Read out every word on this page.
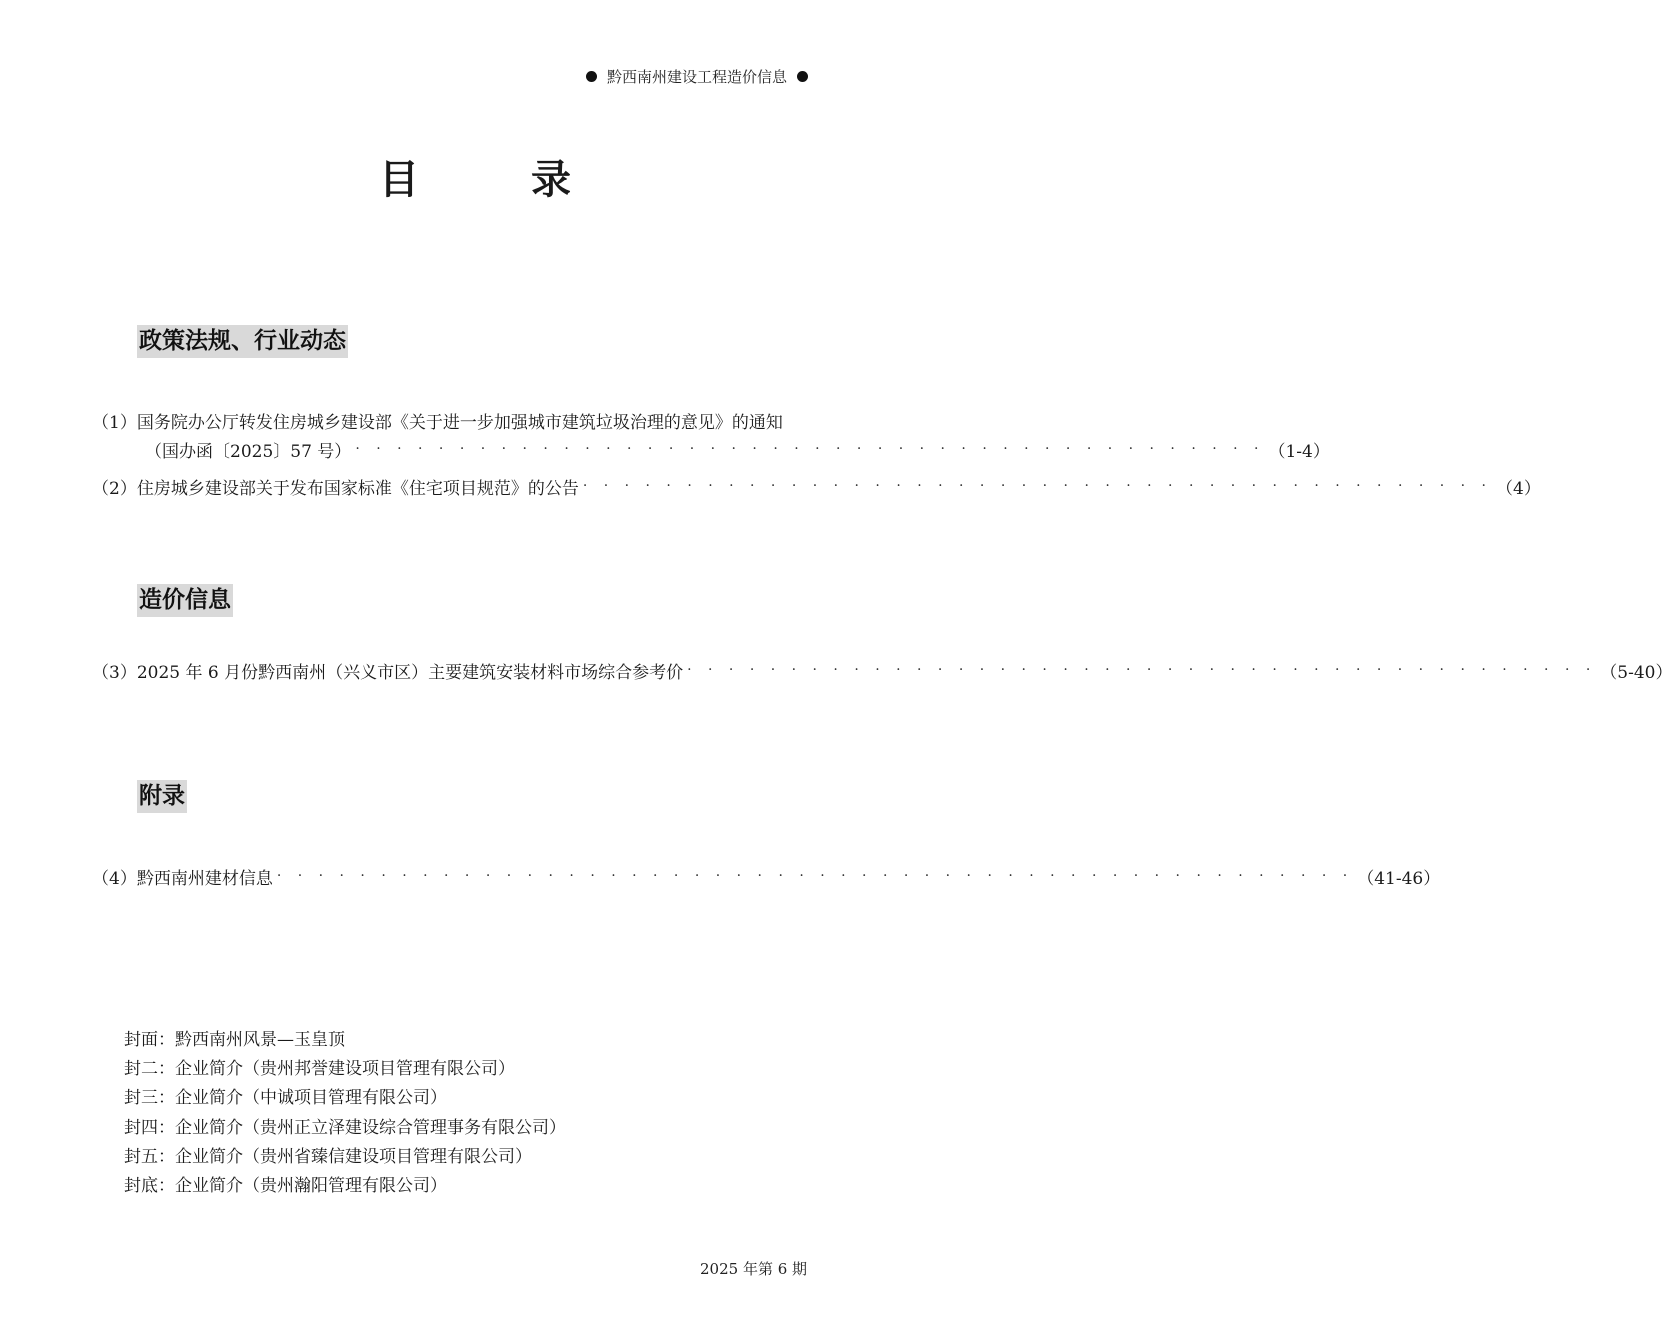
黔西南州建设工程造价信息
目　录
政策法规、行业动态
（1） 国务院办公厅转发住房城乡建设部《关于进一步加强城市建筑垃圾治理的意见》的通知
（国办函〔2025〕57 号） · · · · · · · · · · · · · · · · · · · · · · · · · · · · · · · · · · · · · · · · · · · · （1-4）
（2） 住房城乡建设部关于发布国家标准《住宅项目规范》的公告 · · · · · · · · · · · · · · · · · · · · · · · · · · · · · · · · · · · · · · · · · · · · （4）
造价信息
（3） 2025 年 6 月份黔西南州（兴义市区）主要建筑安装材料市场综合参考价 · · · · · · · · · · · · · · · · · · · · · · · · · · · · · · · · · · · · · · · · · · · · （5-40）
附录
（4） 黔西南州建材信息 · · · · · · · · · · · · · · · · · · · · · · · · · · · · · · · · · · · · · · · · · · · · · · · · · · · · （41-46）
封面： 黔西南州风景—玉皇顶
封二： 企业简介（贵州邦誉建设项目管理有限公司）
封三： 企业简介（中诚项目管理有限公司）
封四： 企业简介（贵州正立泽建设综合管理事务有限公司）
封五： 企业简介（贵州省臻信建设项目管理有限公司）
封底： 企业简介（贵州瀚阳管理有限公司）
2025 年第 6 期
